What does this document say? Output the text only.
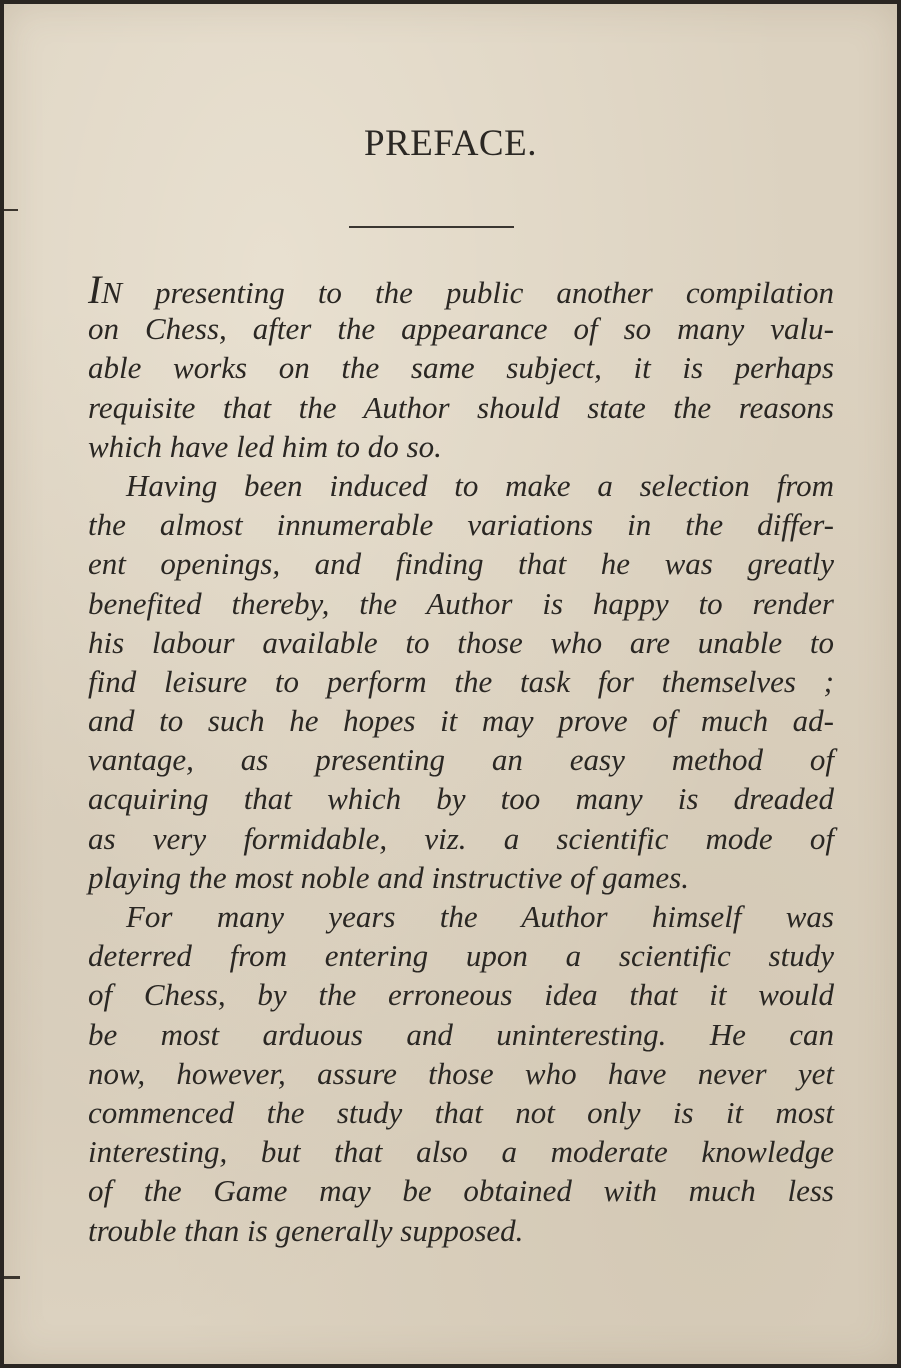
PREFACE.
IN presenting to the public another compilation
on Chess, after the appearance of so many valu-
able works on the same subject, it is perhaps
requisite that the Author should state the reasons
which have led him to do so.
Having been induced to make a selection from
the almost innumerable variations in the differ-
ent openings, and finding that he was greatly
benefited thereby, the Author is happy to render
his labour available to those who are unable to
find leisure to perform the task for themselves ;
and to such he hopes it may prove of much ad-
vantage, as presenting an easy method of
acquiring that which by too many is dreaded
as very formidable, viz. a scientific mode of
playing the most noble and instructive of games.
For many years the Author himself was
deterred from entering upon a scientific study
of Chess, by the erroneous idea that it would
be most arduous and uninteresting. He can
now, however, assure those who have never yet
commenced the study that not only is it most
interesting, but that also a moderate knowledge
of the Game may be obtained with much less
trouble than is generally supposed.
